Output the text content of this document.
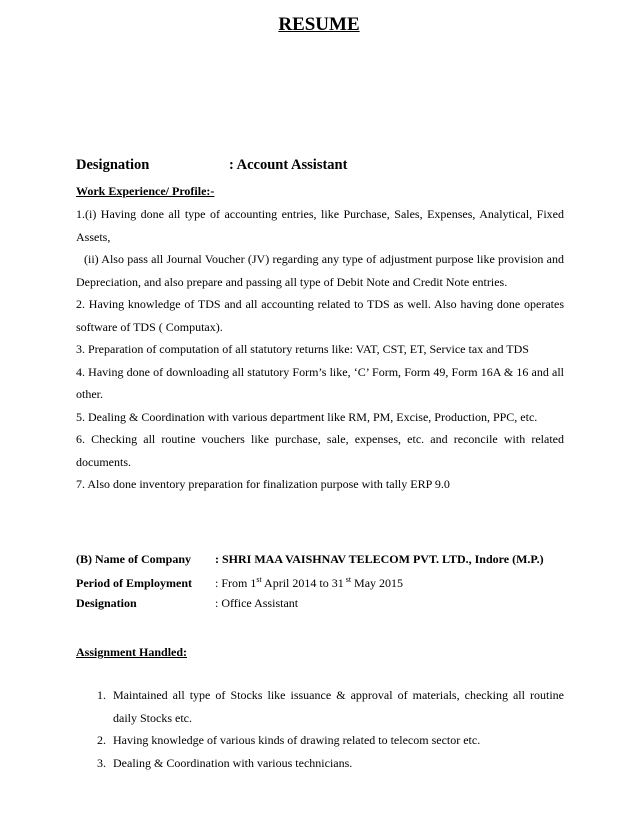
RESUME
Designation	: Account Assistant
Work Experience/ Profile:-

1.(i) Having done all type of accounting entries, like Purchase, Sales, Expenses, Analytical, Fixed Assets,

(ii) Also pass all Journal Voucher (JV) regarding any type of adjustment purpose like provision and Depreciation, and also prepare and passing all type of Debit Note and Credit Note entries.

2. Having knowledge of TDS and all accounting related to TDS as well. Also having done operates software of TDS ( Computax).

3. Preparation of computation of all statutory returns like: VAT, CST, ET, Service tax and TDS

4. Having done of downloading all statutory Form’s like, ‘C’ Form, Form 49, Form 16A & 16 and all other.

5. Dealing & Coordination with various department like RM, PM, Excise, Production, PPC, etc.

6. Checking all routine vouchers like purchase, sale, expenses, etc. and reconcile with related documents.

7. Also done inventory preparation for finalization purpose with tally ERP 9.0

(B) Name of Company : SHRI MAA VAISHNAV TELECOM PVT. LTD., Indore (M.P.)
Period of Employment : From 1st April 2014 to 31 $^{st}$ May 2015
Designation	: Office Assistant
Assignment Handled:
1. Maintained all type of Stocks like issuance & approval of materials, checking all routine daily Stocks etc.
2. Having knowledge of various kinds of drawing related to telecom sector etc.
3. Dealing & Coordination with various technicians.
